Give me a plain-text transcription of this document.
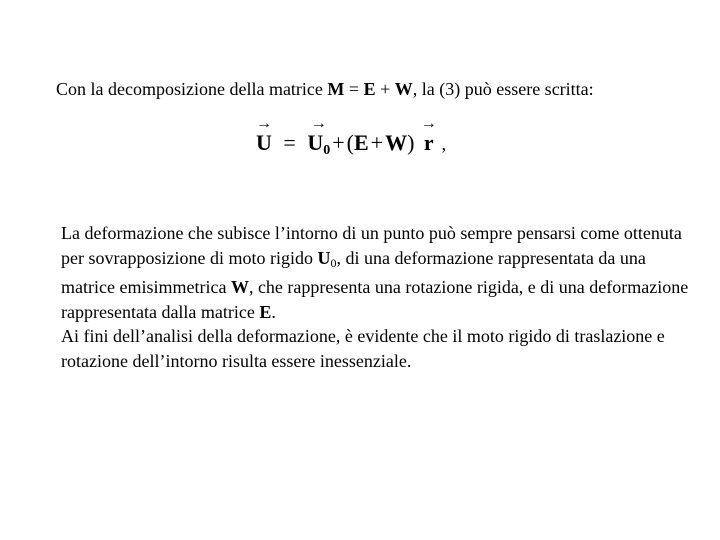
Con la decomposizione della matrice M = E + W, la (3) può essere scritta:
→
U =
→
U0+(E+W)
→
r ,

La deformazione che subisce l’intorno di un punto può sempre pensarsi come ottenuta per sovrapposizione di moto rigido $U_0$, di una deformazione rappresentata da una matrice emisimmetrica W, che rappresenta una rotazione rigida, e di una deformazione rappresentata dalla matrice E.

Ai fini dell’analisi della deformazione, è evidente che il moto rigido di traslazione e rotazione dell’intorno risulta essere inessenziale.
